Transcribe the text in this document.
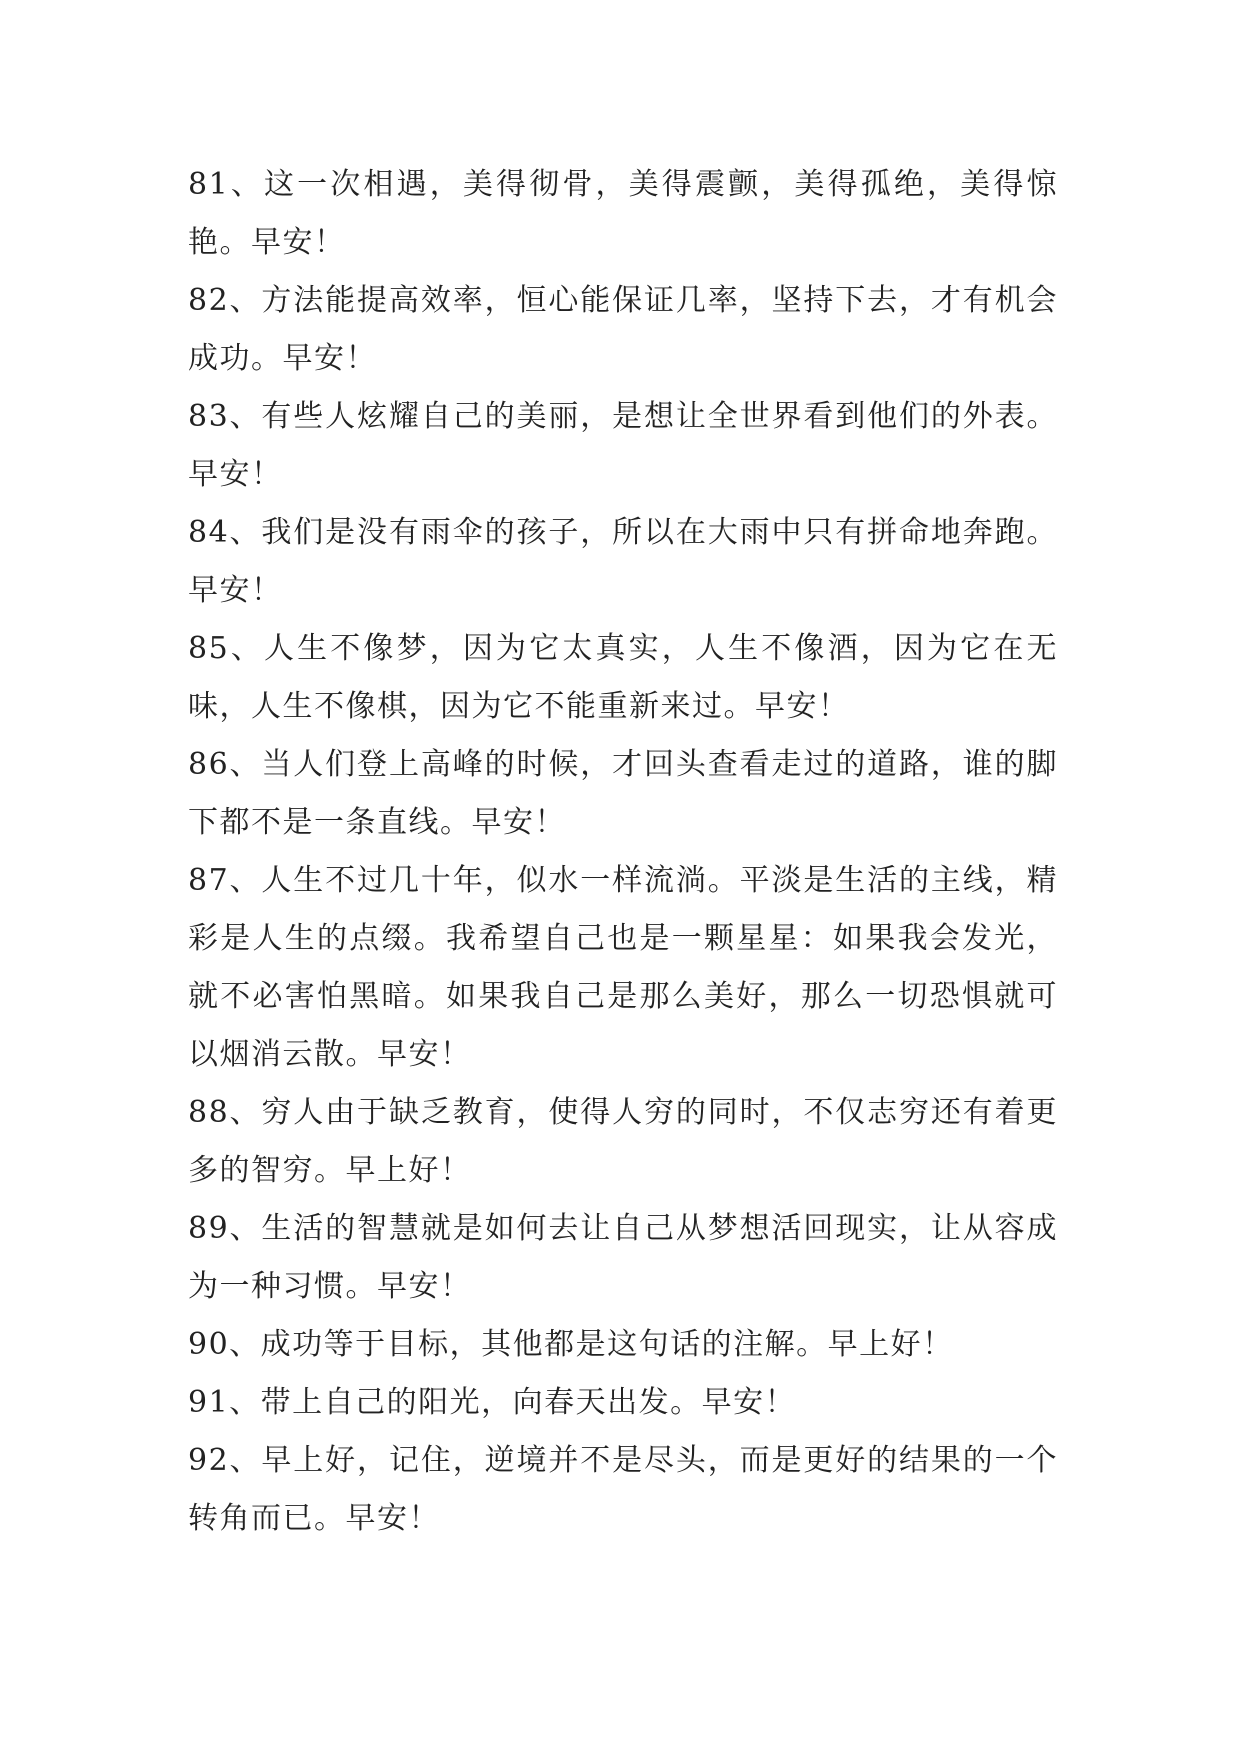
81、这一次相遇，美得彻骨，美得震颤，美得孤绝，美得惊艳。早安！

82、方法能提高效率，恒心能保证几率，坚持下去，才有机会成功。早安！

83、有些人炫耀自己的美丽，是想让全世界看到他们的外表。早安！

84、我们是没有雨伞的孩子，所以在大雨中只有拼命地奔跑。早安！

85、人生不像梦，因为它太真实，人生不像酒，因为它在无味，人生不像棋，因为它不能重新来过。早安！

86、当人们登上高峰的时候，才回头查看走过的道路，谁的脚下都不是一条直线。早安！

87、人生不过几十年，似水一样流淌。平淡是生活的主线，精彩是人生的点缀。我希望自己也是一颗星星：如果我会发光，就不必害怕黑暗。如果我自己是那么美好，那么一切恐惧就可以烟消云散。早安！

88、穷人由于缺乏教育，使得人穷的同时，不仅志穷还有着更多的智穷。早上好！

89、生活的智慧就是如何去让自己从梦想活回现实，让从容成为一种习惯。早安！

90、成功等于目标，其他都是这句话的注解。早上好！

91、带上自己的阳光，向春天出发。早安！

92、早上好，记住，逆境并不是尽头，而是更好的结果的一个转角而已。早安！
